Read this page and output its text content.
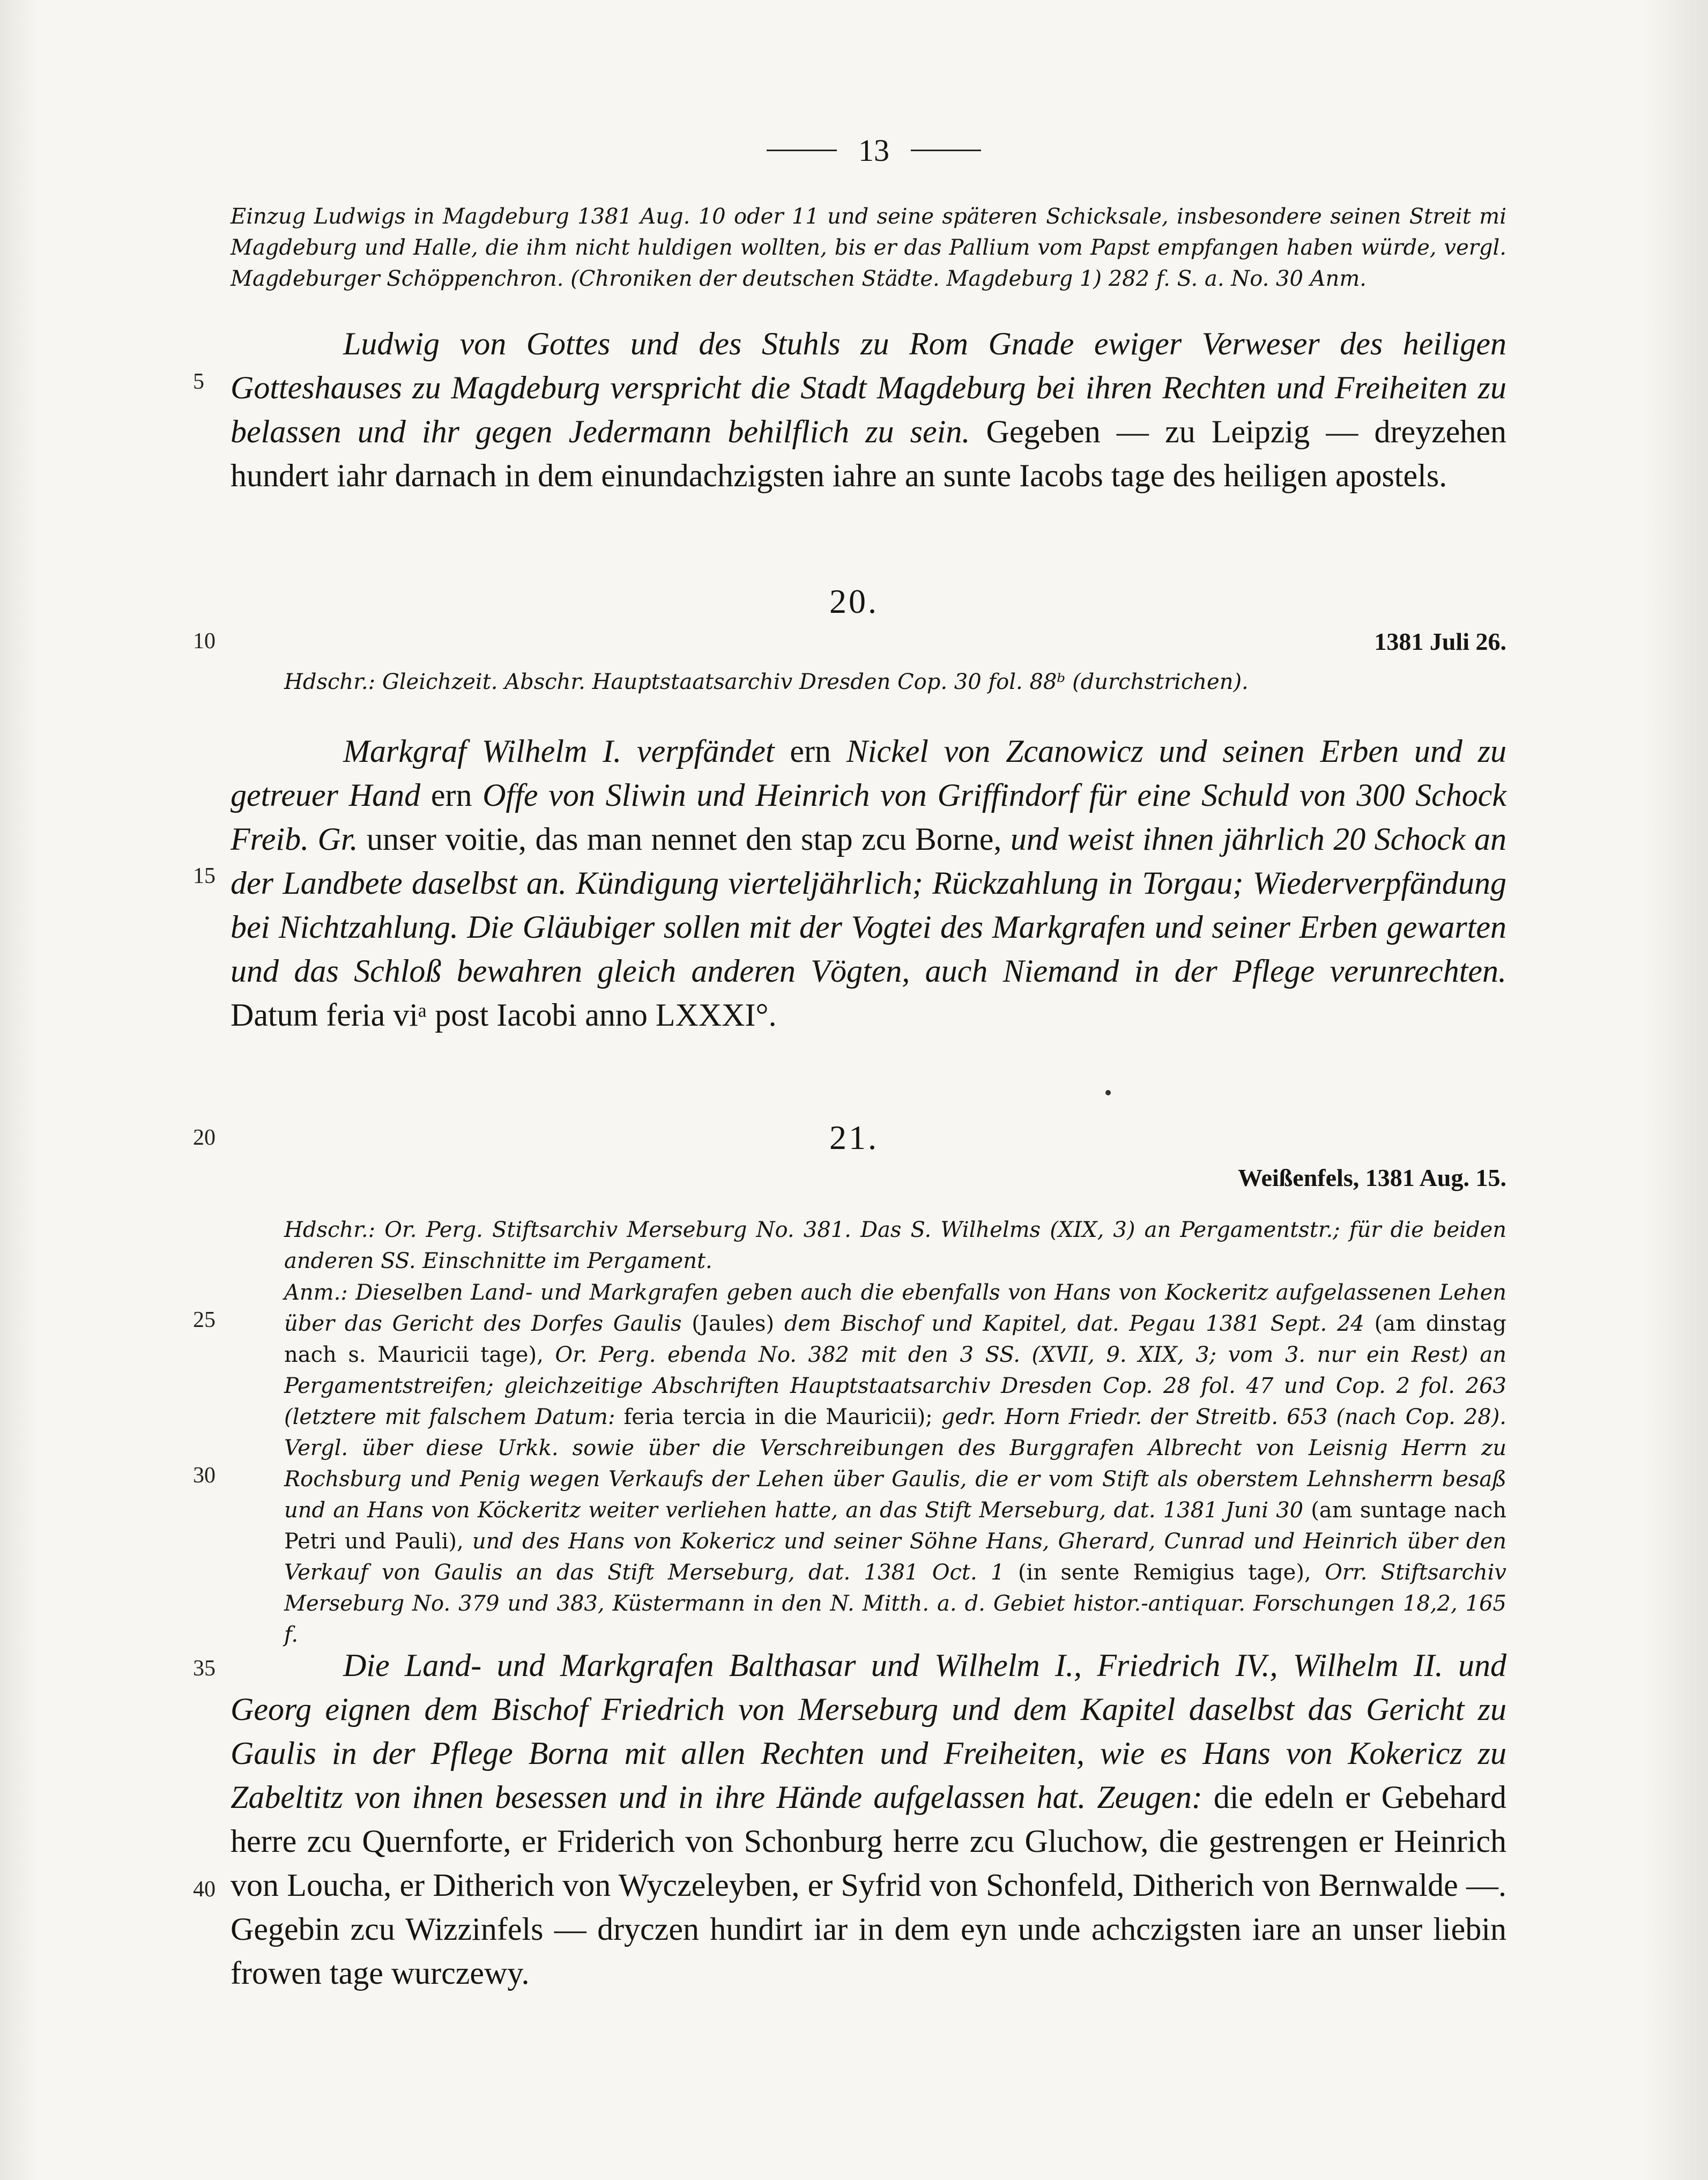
13

Einzug Ludwigs in Magdeburg 1381 Aug. 10 oder 11 und seine späteren Schicksale, insbesondere seinen Streit mi Magdeburg und Halle, die ihm nicht huldigen wollten, bis er das Pallium vom Papst empfangen haben würde, vergl. Magdeburger Schöppenchron. (Chroniken der deutschen Städte. Magdeburg 1) 282 f. S. a. No. 30 Anm.

Ludwig von Gottes und des Stuhls zu Rom Gnade ewiger Verweser des heiligen Gotteshauses zu Magdeburg verspricht die Stadt Magdeburg bei ihren Rechten und Freiheiten zu belassen und ihr gegen Jedermann behilflich zu sein. Gegeben — zu Leipzig — dreyzehen hundert iahr darnach in dem einundachzigsten iahre an sunte Iacobs tage des heiligen apostels.

20.
1381 Juli 26.

Hdschr.: Gleichzeit. Abschr. Hauptstaatsarchiv Dresden Cop. 30 fol. 88ᵇ (durchstrichen).

Markgraf Wilhelm I. verpfändet ern Nickel von Zcanowicz und seinen Erben und zu getreuer Hand ern Offe von Sliwin und Heinrich von Griffindorf für eine Schuld von 300 Schock Freib. Gr. unser voitie, das man nennet den stap zcu Borne, und weist ihnen jährlich 20 Schock an der Landbete daselbst an. Kündigung vierteljährlich; Rückzahlung in Torgau; Wiederverpfändung bei Nichtzahlung. Die Gläubiger sollen mit der Vogtei des Markgrafen und seiner Erben gewarten und das Schloß bewahren gleich anderen Vögten, auch Niemand in der Pflege verunrechten. Datum feria viᵃ post Iacobi anno LXXXI°.

21.
Weißenfels, 1381 Aug. 15.

Hdschr.: Or. Perg. Stiftsarchiv Merseburg No. 381. Das S. Wilhelms (XIX, 3) an Pergamentstr.; für die beiden anderen SS. Einschnitte im Pergament.

Anm.: Dieselben Land- und Markgrafen geben auch die ebenfalls von Hans von Kockeritz aufgelassenen Lehen über das Gericht des Dorfes Gaulis (Jaules) dem Bischof und Kapitel, dat. Pegau 1381 Sept. 24 (am dinstag nach s. Mauricii tage), Or. Perg. ebenda No. 382 mit den 3 SS. (XVII, 9. XIX, 3; vom 3. nur ein Rest) an Pergamentstreifen; gleichzeitige Abschriften Hauptstaatsarchiv Dresden Cop. 28 fol. 47 und Cop. 2 fol. 263 (letztere mit falschem Datum: feria tercia in die Mauricii); gedr. Horn Friedr. der Streitb. 653 (nach Cop. 28). Vergl. über diese Urkk. sowie über die Verschreibungen des Burggrafen Albrecht von Leisnig Herrn zu Rochsburg und Penig wegen Verkaufs der Lehen über Gaulis, die er vom Stift als oberstem Lehnsherrn besaß und an Hans von Köckeritz weiter verliehen hatte, an das Stift Merseburg, dat. 1381 Juni 30 (am suntage nach Petri und Pauli), und des Hans von Kokericz und seiner Söhne Hans, Gherard, Cunrad und Heinrich über den Verkauf von Gaulis an das Stift Merseburg, dat. 1381 Oct. 1 (in sente Remigius tage), Orr. Stiftsarchiv Merseburg No. 379 und 383, Küstermann in den N. Mitth. a. d. Gebiet histor.-antiquar. Forschungen 18,2, 165 f.

Die Land- und Markgrafen Balthasar und Wilhelm I., Friedrich IV., Wilhelm II. und Georg eignen dem Bischof Friedrich von Merseburg und dem Kapitel daselbst das Gericht zu Gaulis in der Pflege Borna mit allen Rechten und Freiheiten, wie es Hans von Kokericz zu Zabeltitz von ihnen besessen und in ihre Hände aufgelassen hat. Zeugen: die edeln er Gebehard herre zcu Quernforte, er Friderich von Schonburg herre zcu Gluchow, die gestrengen er Heinrich von Loucha, er Ditherich von Wyczeleyben, er Syfrid von Schonfeld, Ditherich von Bernwalde —. Gegebin zcu Wizzinfels — dryczen hundirt iar in dem eyn unde achczigsten iare an unser liebin frowen tage wurczewy.

5
10
15
20
25
30
35
40
